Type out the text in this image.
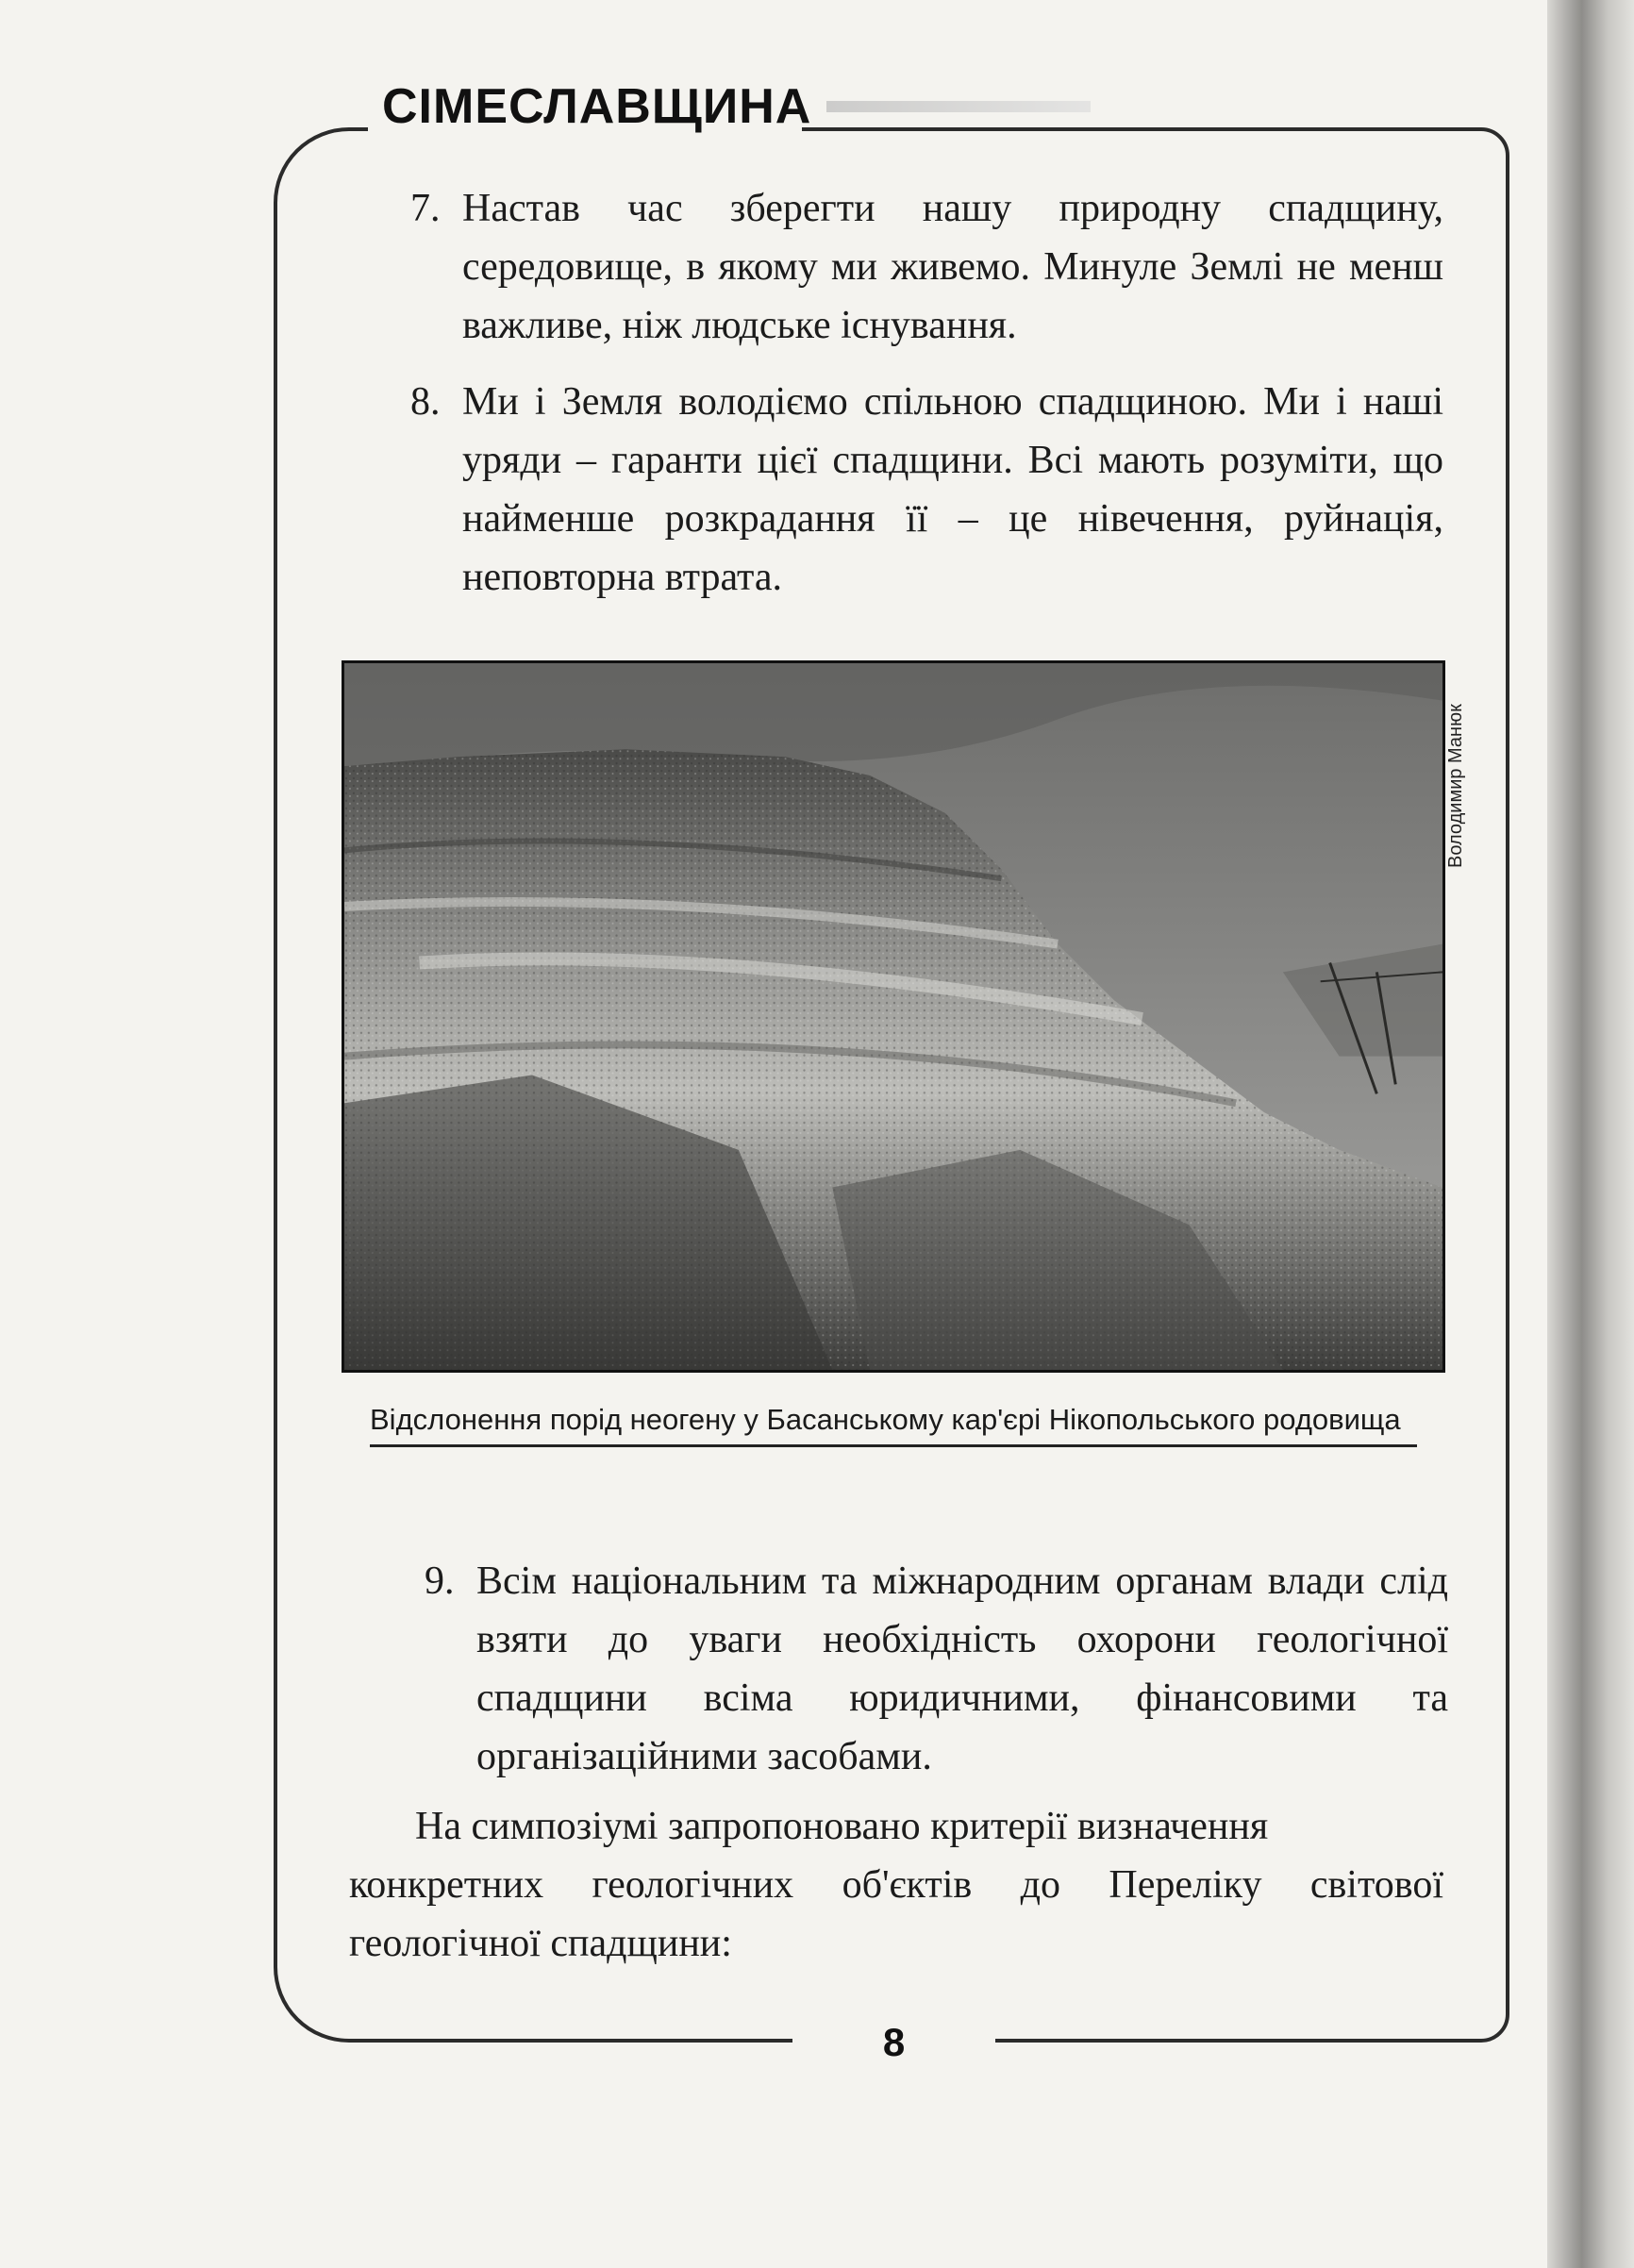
СІМЕСЛАВЩИНА
7. Настав час зберегти нашу природну спадщину, середовище, в якому ми живемо. Минуле Землі не менш важливе, ніж людське існування.
8. Ми і Земля володіємо спільною спадщиною. Ми і наші уряди – гаранти цієї спадщини. Всі мають розуміти, що найменше розкрадання її – це нівечення, руйнація, неповторна втрата.
Володимир Манюк
Відслонення порід неогену у Басанському кар'єрі Нікопольського родовища
9. Всім національним та міжнародним органам влади слід взяти до уваги необхідність охорони геологічної спадщини всіма юридичними, фінансовими та організаційними засобами.
На симпозіумі запропоновано критерії визначення
конкретних геологічних об'єктів до Переліку світової геологічної спадщини:
8
